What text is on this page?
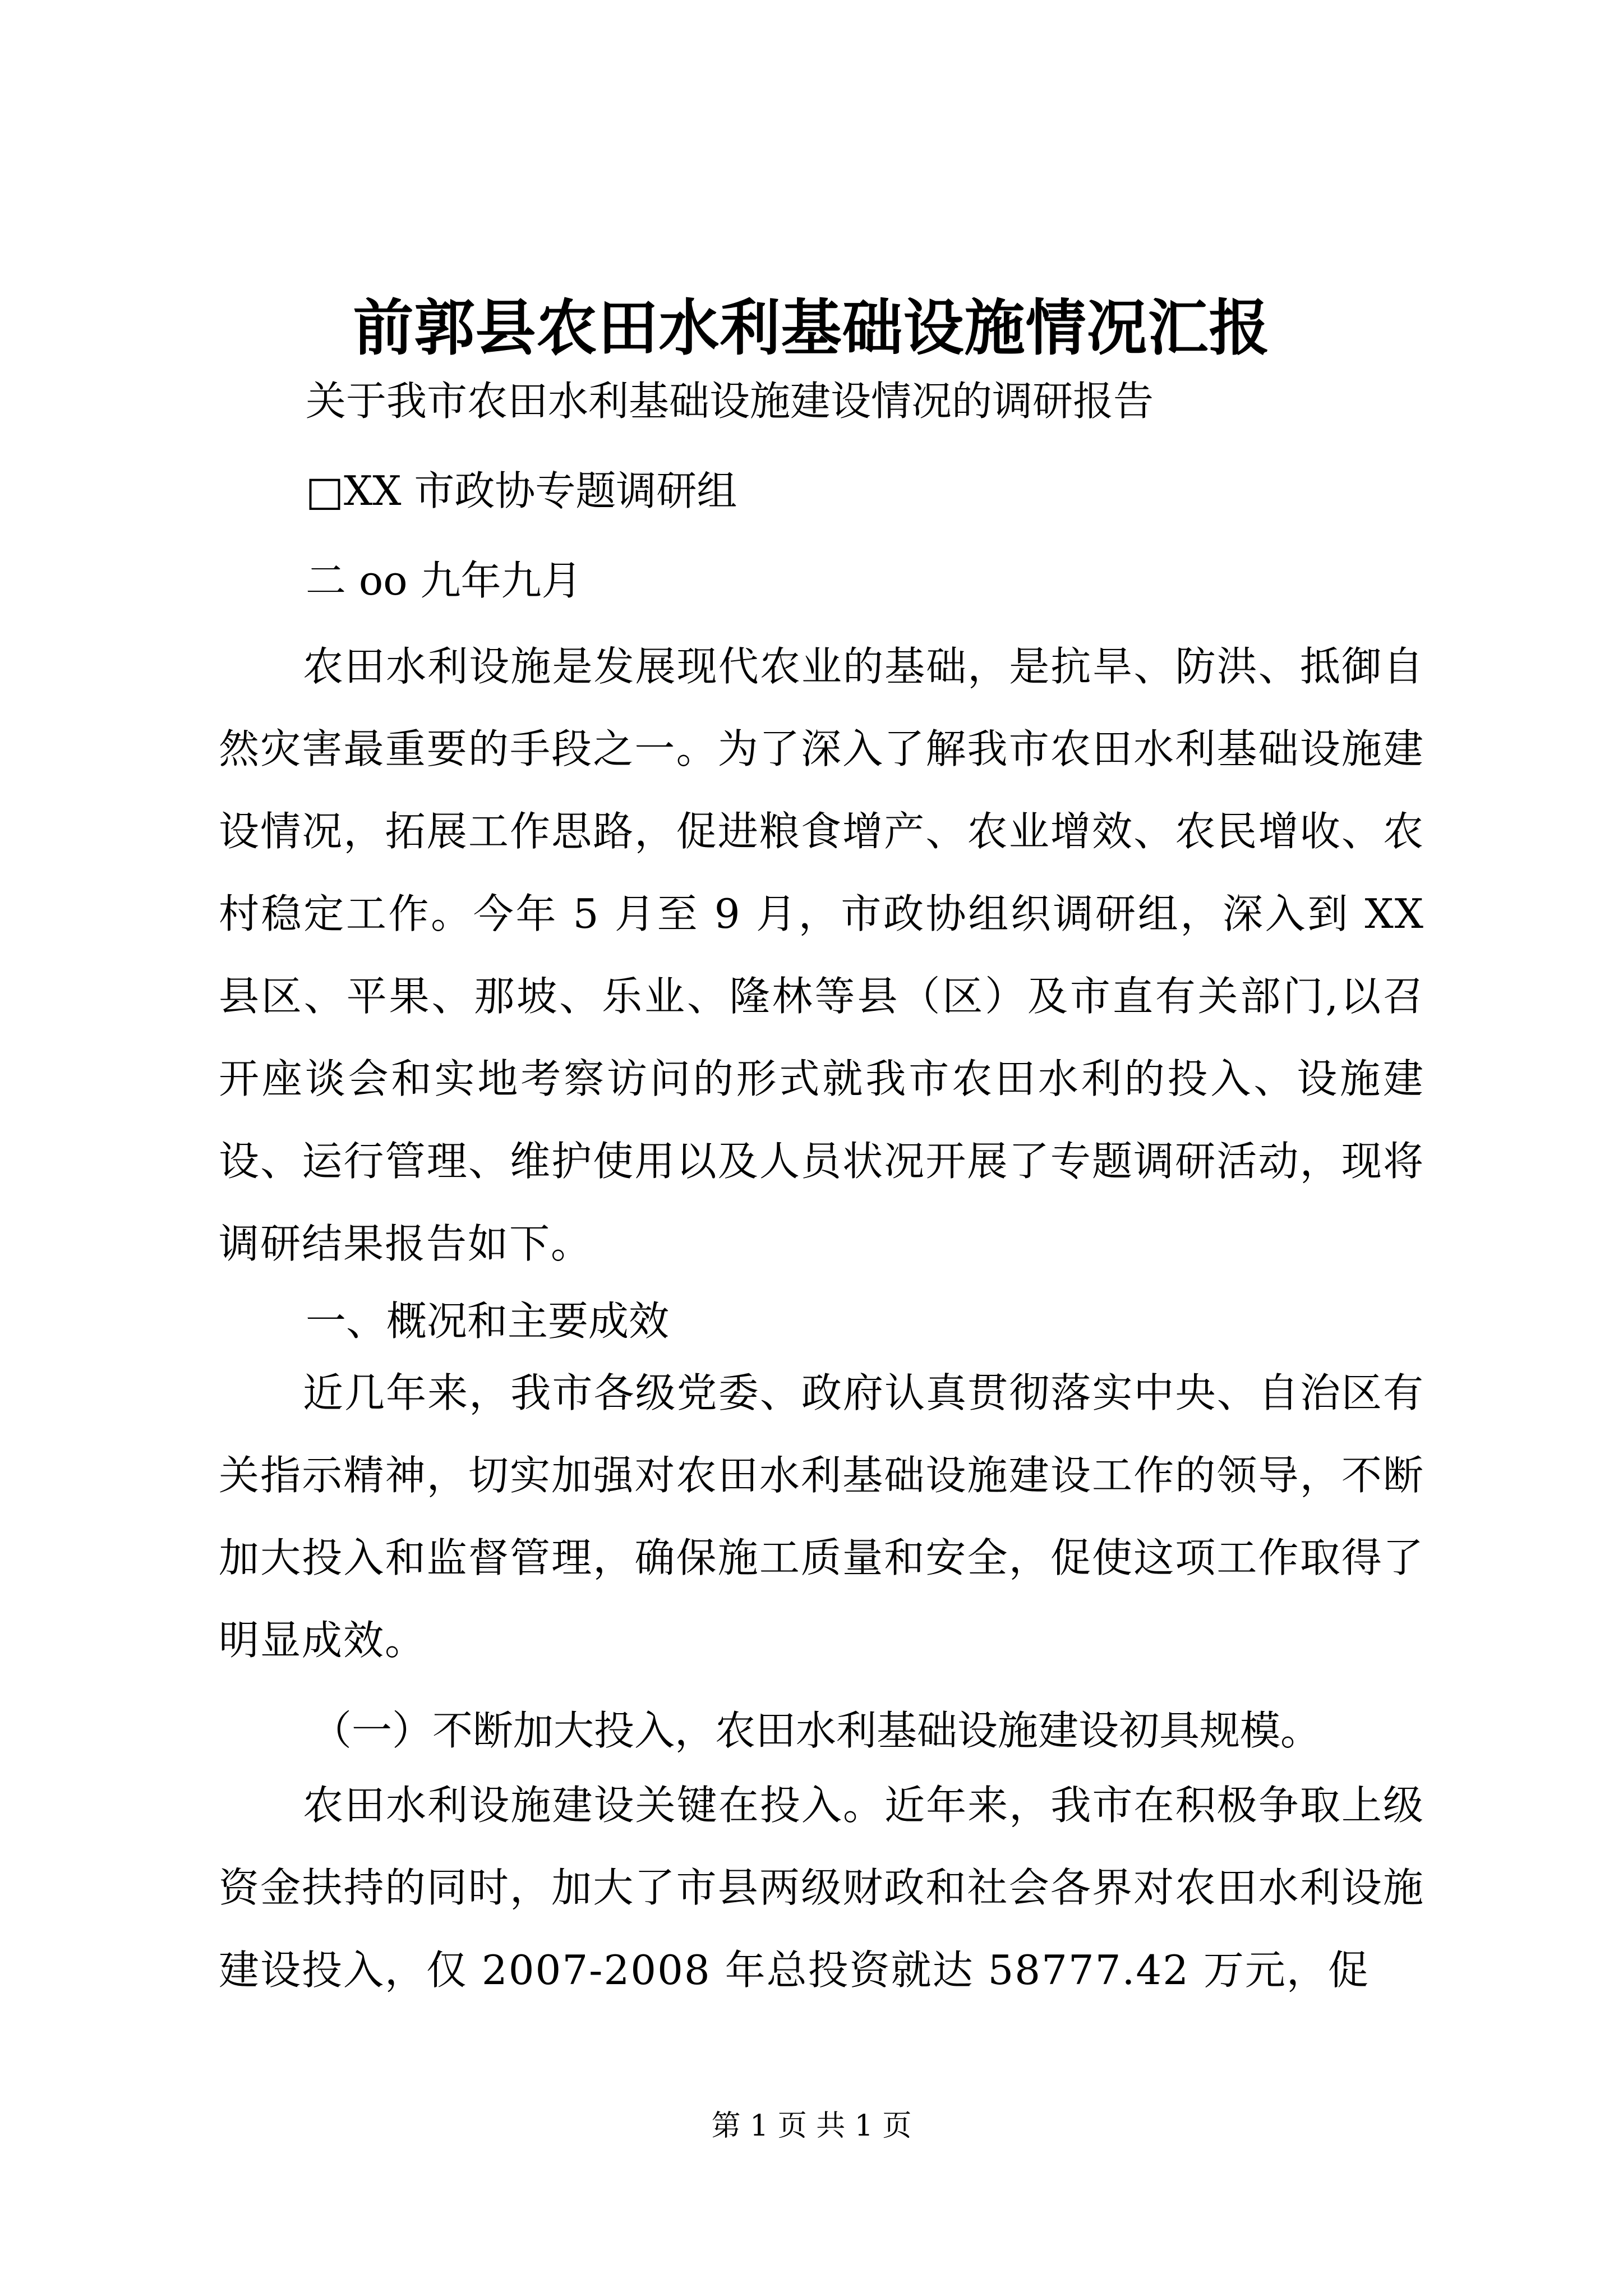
前郭县农田水利基础设施情况汇报
关于我市农田水利基础设施建设情况的调研报告
□XX 市政协专题调研组
二 oo 九年九月
农田水利设施是发展现代农业的基础，是抗旱、防洪、抵御自然灾害最重要的手段之一。为了深入了解我市农田水利基础设施建设情况，拓展工作思路，促进粮食增产、农业增效、农民增收、农村稳定工作。今年 5 月至 9 月，市政协组织调研组，深入到 XX 县区、平果、那坡、乐业、隆林等县（区）及市直有关部门,以召开座谈会和实地考察访问的形式就我市农田水利的投入、设施建设、运行管理、维护使用以及人员状况开展了专题调研活动，现将调研结果报告如下。
一、概况和主要成效
近几年来，我市各级党委、政府认真贯彻落实中央、自治区有关指示精神，切实加强对农田水利基础设施建设工作的领导，不断加大投入和监督管理，确保施工质量和安全，促使这项工作取得了明显成效。
（一）不断加大投入，农田水利基础设施建设初具规模。
农田水利设施建设关键在投入。近年来，我市在积极争取上级资金扶持的同时，加大了市县两级财政和社会各界对农田水利设施建设投入，仅 2007-2008 年总投资就达 58777.42 万元，促
第 1 页 共 1 页
